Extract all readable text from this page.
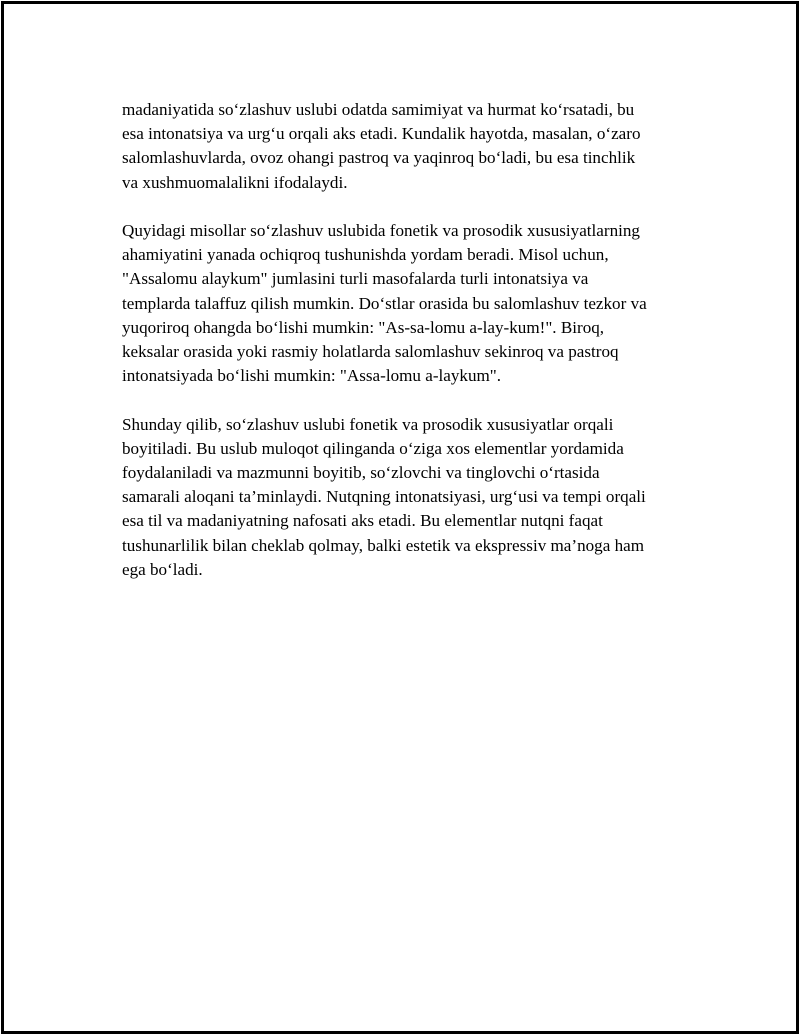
madaniyatida so‘zlashuv uslubi odatda samimiyat va hurmat ko‘rsatadi, bu
esa intonatsiya va urg‘u orqali aks etadi. Kundalik hayotda, masalan, o‘zaro
salomlashuvlarda, ovoz ohangi pastroq va yaqinroq bo‘ladi, bu esa tinchlik
va xushmuomalalikni ifodalaydi.

Quyidagi misollar so‘zlashuv uslubida fonetik va prosodik xususiyatlarning
ahamiyatini yanada ochiqroq tushunishda yordam beradi. Misol uchun,
"Assalomu alaykum" jumlasini turli masofalarda turli intonatsiya va
templarda talaffuz qilish mumkin. Do‘stlar orasida bu salomlashuv tezkor va
yuqoriroq ohangda bo‘lishi mumkin: "As-sa-lomu a-lay-kum!". Biroq,
keksalar orasida yoki rasmiy holatlarda salomlashuv sekinroq va pastroq
intonatsiyada bo‘lishi mumkin: "Assa-lomu a-laykum".

Shunday qilib, so‘zlashuv uslubi fonetik va prosodik xususiyatlar orqali
boyitiladi. Bu uslub muloqot qilinganda o‘ziga xos elementlar yordamida
foydalaniladi va mazmunni boyitib, so‘zlovchi va tinglovchi o‘rtasida
samarali aloqani ta’minlaydi. Nutqning intonatsiyasi, urg‘usi va tempi orqali
esa til va madaniyatning nafosati aks etadi. Bu elementlar nutqni faqat
tushunarlilik bilan cheklab qolmay, balki estetik va ekspressiv ma’noga ham
ega bo‘ladi.
